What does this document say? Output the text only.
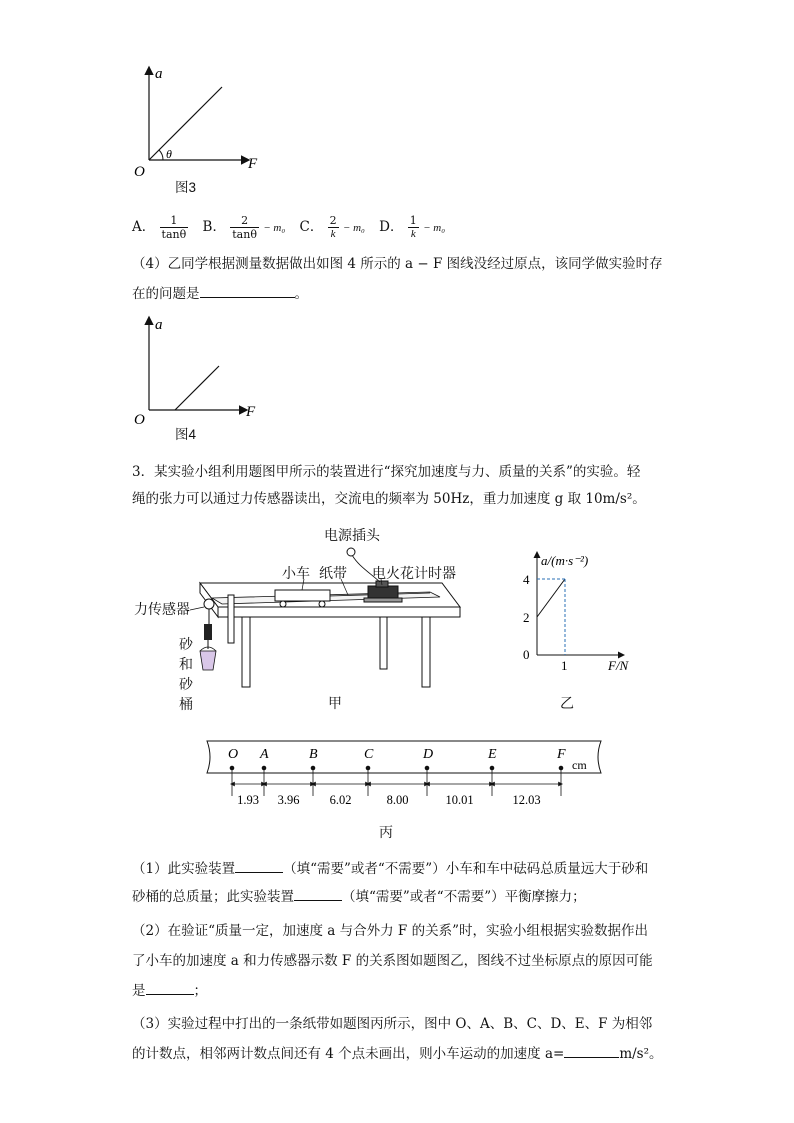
a
F
O
θ
图3
A． $\frac{1}{\tan\theta}$ B． $\frac{2}{\tan\theta} - m_0$ C． $\frac{2}{k} - m_0$ D． $\frac{1}{k} - m_0$
（4）乙同学根据测量数据做出如图 4 所示的 a − F 图线没经过原点，该同学做实验时存
在的问题是	。
a
F
O
图4
3．某实验小组利用题图甲所示的装置进行“探究加速度与力、质量的关系”的实验。轻
绳的张力可以通过力传感器读出，交流电的频率为 50Hz，重力加速度 g 取 10m/s²。
电源插头
小车 纸带 电火花计时器
力传感器
砂
和
砂
桶	甲
4
2
0
1
a/(m·s⁻²)
F/N
乙
O A	B	C	D	E	F
cm
1.93 3.96 6.02	8.00	10.01	12.03
丙
（1）此实验装置	（填“需要”或者“不需要”）小车和车中砝码总质量远大于砂和
砂桶的总质量；此实验装置	（填“需要”或者“不需要”）平衡摩擦力；
（2）在验证“质量一定，加速度 a 与合外力 F 的关系”时，实验小组根据实验数据作出
了小车的加速度 a 和力传感器示数 F 的关系图如题图乙，图线不过坐标原点的原因可能
是	；
（3）实验过程中打出的一条纸带如题图丙所示，图中 O、A、B、C、D、E、F 为相邻
的计数点，相邻两计数点间还有 4 个点未画出，则小车运动的加速度 a=	m/s²。
